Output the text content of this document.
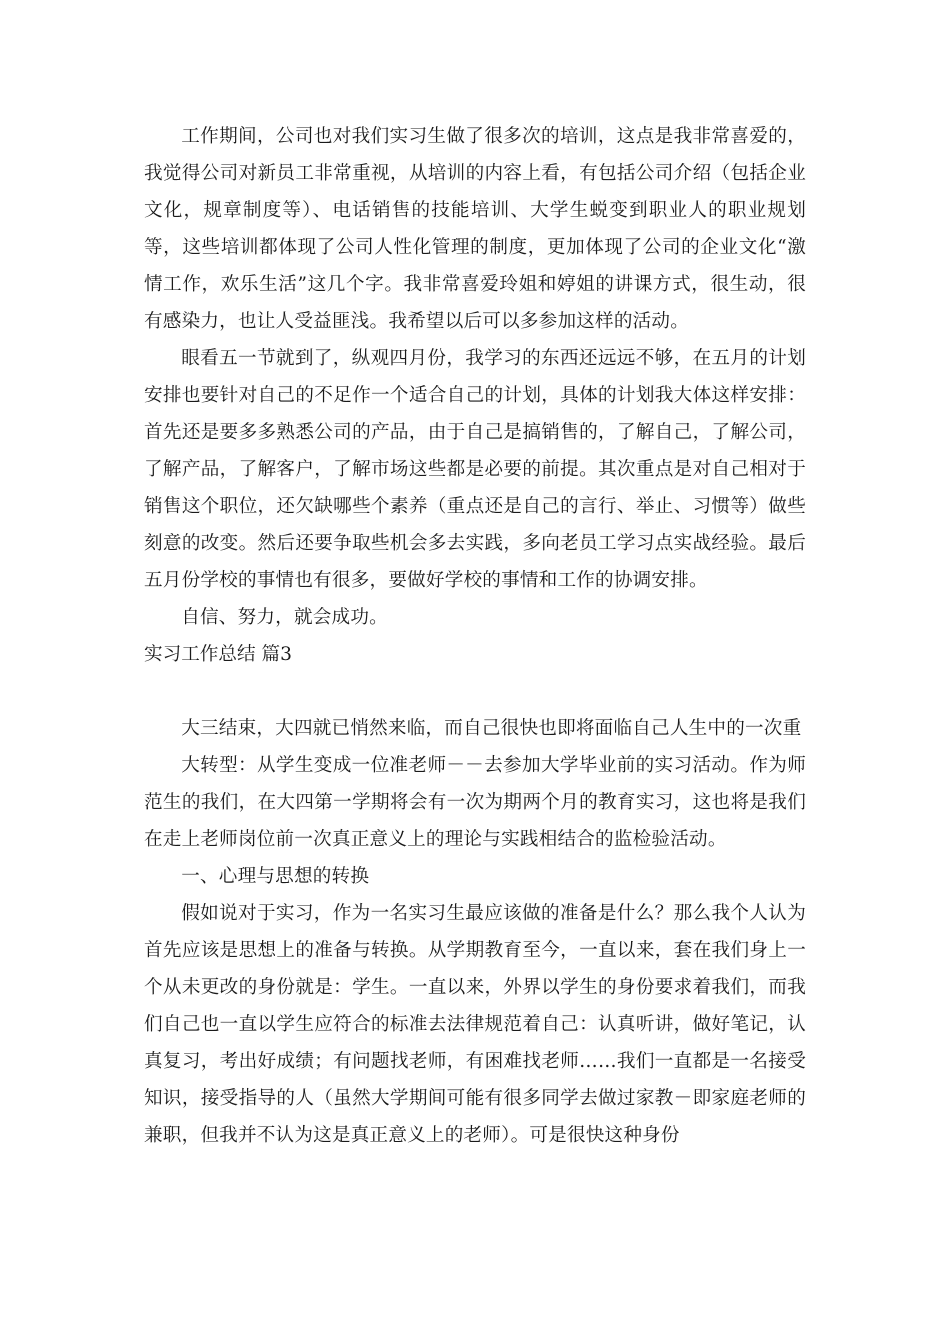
工作期间，公司也对我们实习生做了很多次的培训，这点是我非常喜爱的，我觉得公司对新员工非常重视，从培训的内容上看，有包括公司介绍（包括企业文化，规章制度等）、电话销售的技能培训、大学生蜕变到职业人的职业规划等，这些培训都体现了公司人性化管理的制度，更加体现了公司的企业文化“激情工作，欢乐生活”这几个字。我非常喜爱玲姐和婷姐的讲课方式，很生动，很有感染力，也让人受益匪浅。我希望以后可以多参加这样的活动。

眼看五一节就到了，纵观四月份，我学习的东西还远远不够，在五月的计划安排也要针对自己的不足作一个适合自己的计划，具体的计划我大体这样安排：首先还是要多多熟悉公司的产品，由于自己是搞销售的，了解自己，了解公司，了解产品，了解客户，了解市场这些都是必要的前提。其次重点是对自己相对于销售这个职位，还欠缺哪些个素养（重点还是自己的言行、举止、习惯等）做些刻意的改变。然后还要争取些机会多去实践，多向老员工学习点实战经验。最后五月份学校的事情也有很多，要做好学校的事情和工作的协调安排。

自信、努力，就会成功。

实习工作总结 篇3

大三结束，大四就已悄然来临，而自己很快也即将面临自己人生中的一次重

大转型：从学生变成一位准老师－－去参加大学毕业前的实习活动。作为师范生的我们，在大四第一学期将会有一次为期两个月的教育实习，这也将是我们在走上老师岗位前一次真正意义上的理论与实践相结合的监检验活动。

一、心理与思想的转换

假如说对于实习，作为一名实习生最应该做的准备是什么？那么我个人认为首先应该是思想上的准备与转换。从学期教育至今，一直以来，套在我们身上一个从未更改的身份就是：学生。一直以来，外界以学生的身份要求着我们，而我们自己也一直以学生应符合的标准去法律规范着自己：认真听讲，做好笔记，认真复习，考出好成绩；有问题找老师，有困难找老师……我们一直都是一名接受知识，接受指导的人（虽然大学期间可能有很多同学去做过家教－即家庭老师的兼职，但我并不认为这是真正意义上的老师）。可是很快这种身份
